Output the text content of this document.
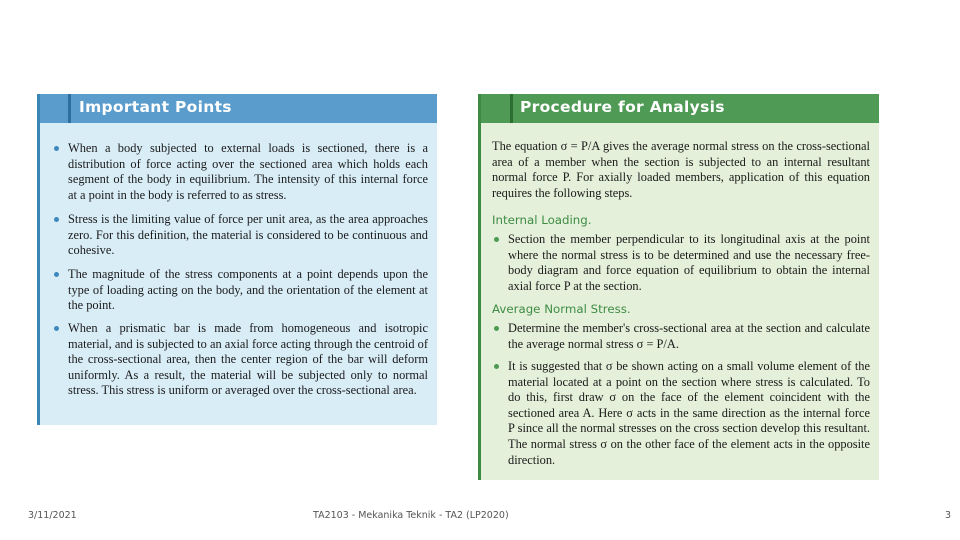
Important Points
When a body subjected to external loads is sectioned, there is a distribution of force acting over the sectioned area which holds each segment of the body in equilibrium. The intensity of this internal force at a point in the body is referred to as stress.
Stress is the limiting value of force per unit area, as the area approaches zero. For this definition, the material is considered to be continuous and cohesive.
The magnitude of the stress components at a point depends upon the type of loading acting on the body, and the orientation of the element at the point.
When a prismatic bar is made from homogeneous and isotropic material, and is subjected to an axial force acting through the centroid of the cross-sectional area, then the center region of the bar will deform uniformly. As a result, the material will be subjected only to normal stress. This stress is uniform or averaged over the cross-sectional area.
Procedure for Analysis
The equation σ = P/A gives the average normal stress on the cross-sectional area of a member when the section is subjected to an internal resultant normal force P. For axially loaded members, application of this equation requires the following steps.
Internal Loading.
Section the member perpendicular to its longitudinal axis at the point where the normal stress is to be determined and use the necessary free-body diagram and force equation of equilibrium to obtain the internal axial force P at the section.
Average Normal Stress.
Determine the member's cross-sectional area at the section and calculate the average normal stress σ = P/A.
It is suggested that σ be shown acting on a small volume element of the material located at a point on the section where stress is calculated. To do this, first draw σ on the face of the element coincident with the sectioned area A. Here σ acts in the same direction as the internal force P since all the normal stresses on the cross section develop this resultant. The normal stress σ on the other face of the element acts in the opposite direction.
3/11/2021	TA2103 - Mekanika Teknik - TA2 (LP2020)	3
